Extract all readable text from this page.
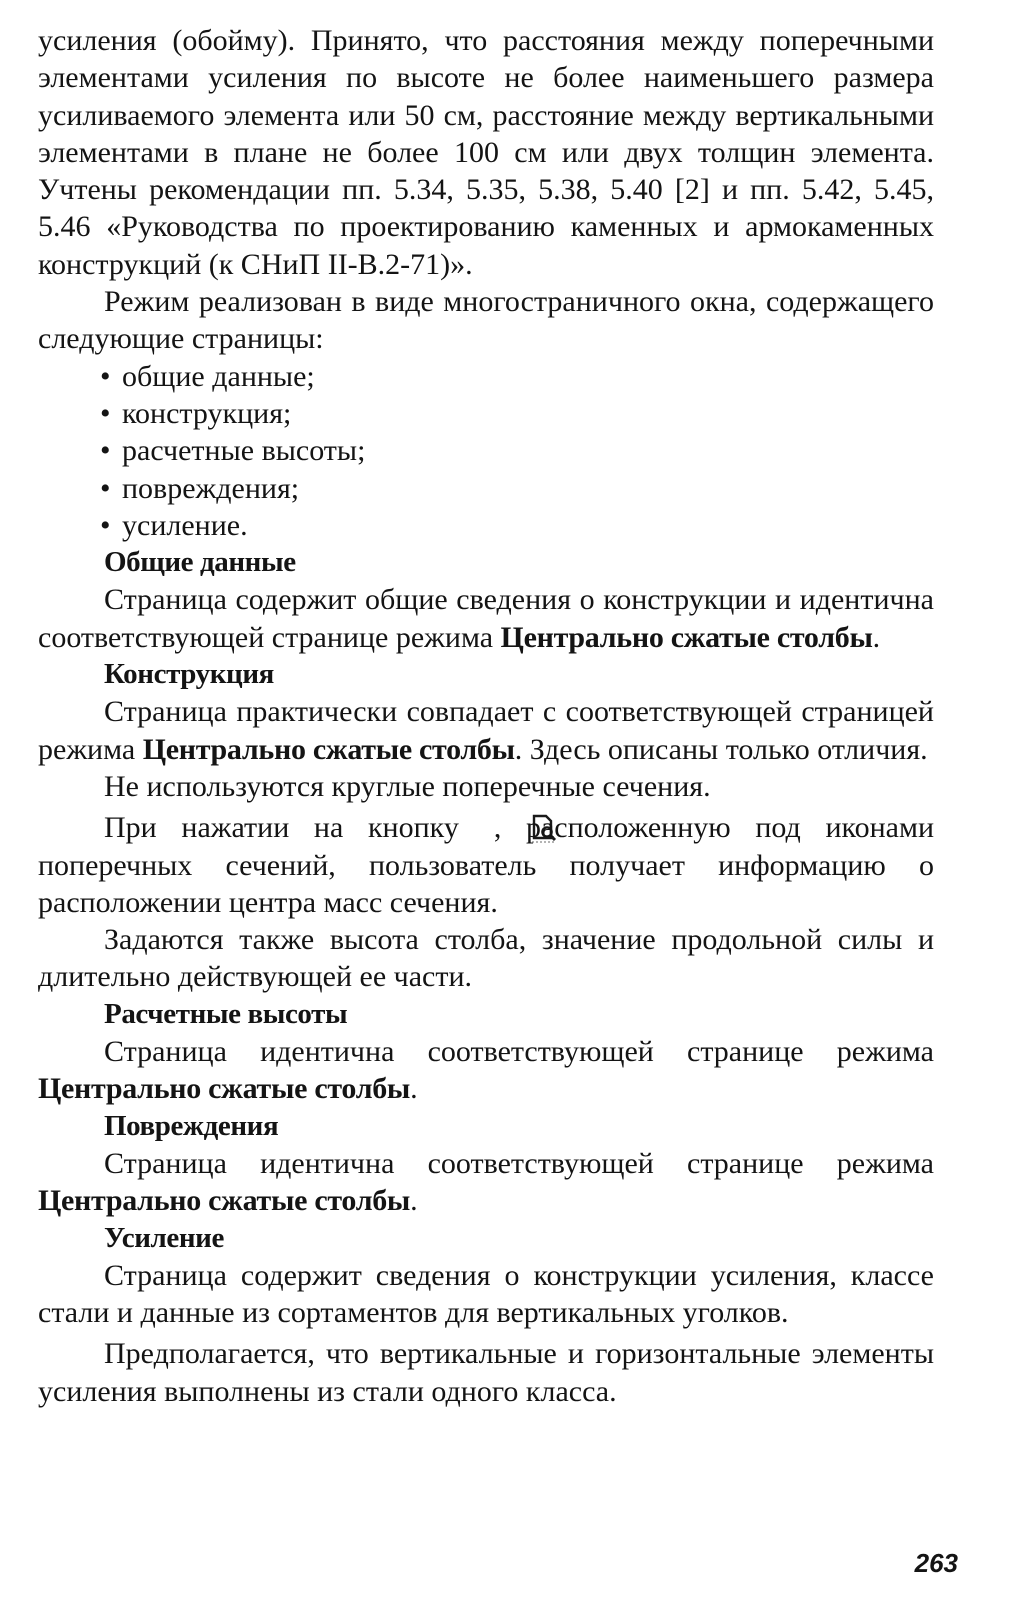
усиления (обойму). Принято, что расстояния между поперечными элементами усиления по высоте не более наименьшего размера усиливаемого элемента или 50 см, расстояние между вертикальными элементами в плане не более 100 см или двух толщин элемента. Учтены рекомендации пп. 5.34, 5.35, 5.38, 5.40 [2] и пп. 5.42, 5.45, 5.46 «Руководства по проектированию каменных и армокаменных конструкций (к СНиП II-В.2-71)».

Режим реализован в виде многостраничного окна, содержащего следующие страницы:

• общие данные;
• конструкция;
• расчетные высоты;
• повреждения;
• усиление.

Общие данные

Страница содержит общие сведения о конструкции и идентична соответствующей странице режима Центрально сжатые столбы.

Конструкция

Страница практически совпадает с соответствующей страницей режима Центрально сжатые столбы. Здесь описаны только отличия.

Не используются круглые поперечные сечения.

При нажатии на кнопку , расположенную под иконами поперечных сечений, пользователь получает информацию о расположении центра масс сечения.

Задаются также высота столба, значение продольной силы и длительно действующей ее части.

Расчетные высоты

Страница идентична соответствующей странице режима Центрально сжатые столбы.

Повреждения

Страница идентична соответствующей странице режима Центрально сжатые столбы.

Усиление

Страница содержит сведения о конструкции усиления, классе стали и данные из сортаментов для вертикальных уголков.

Предполагается, что вертикальные и горизонтальные элементы усиления выполнены из стали одного класса.

263
